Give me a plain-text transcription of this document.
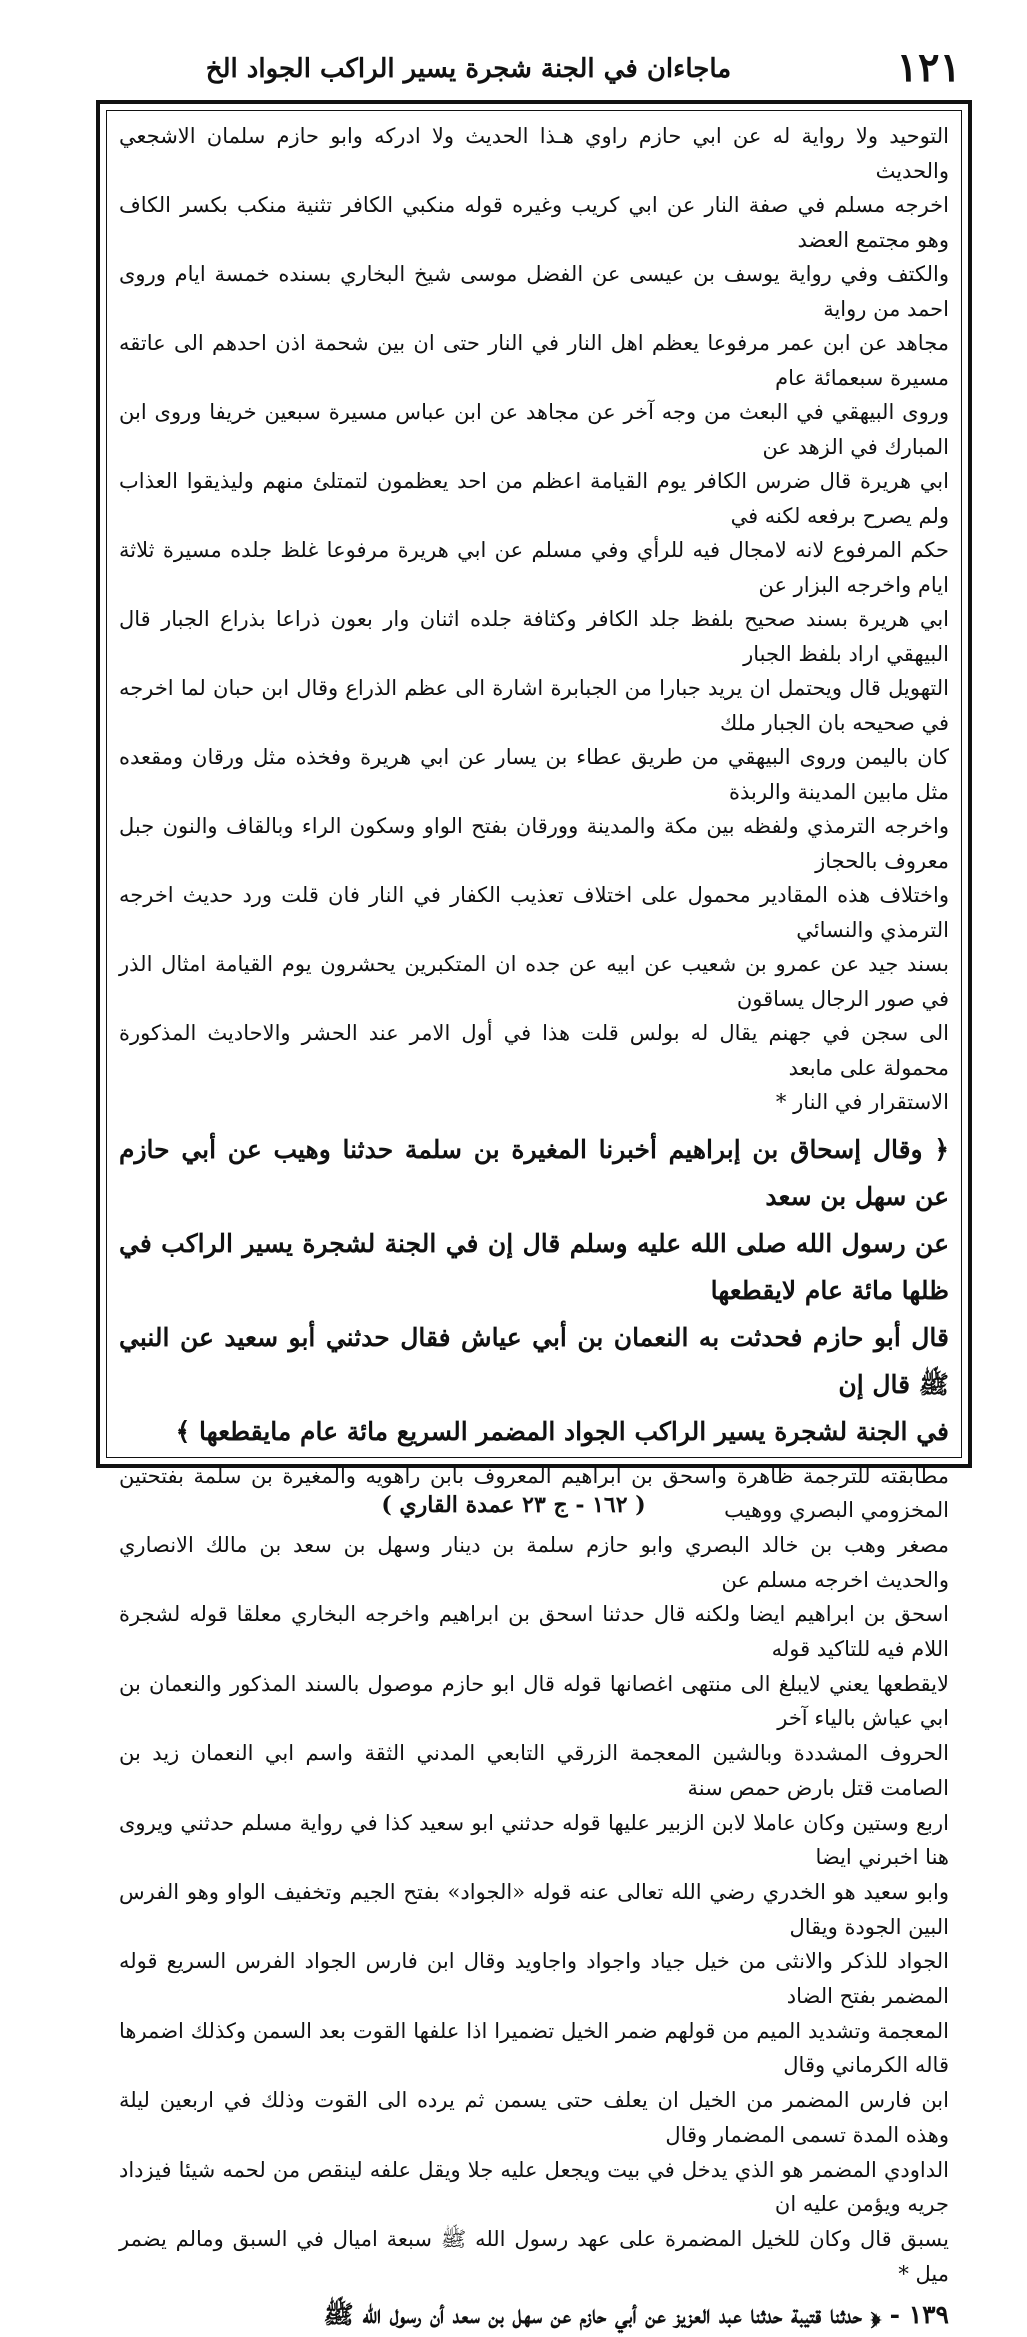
١٢١
ماجاءان في الجنة شجرة يسير الراكب الجواد الخ

التوحيد ولا رواية له عن ابي حازم راوي هـذا الحديث ولا ادركه وابو حازم سلمان الاشجعي والحديث

اخرجه مسلم في صفة النار عن ابي كريب وغيره قوله منكبي الكافر تثنية منكب بكسر الكاف وهو مجتمع العضد

والكتف وفي رواية يوسف بن عيسى عن الفضل موسى شيخ البخاري بسنده خمسة ايام وروى احمد من رواية

مجاهد عن ابن عمر مرفوعا يعظم اهل النار في النار حتى ان بين شحمة اذن احدهم الى عاتقه مسيرة سبعمائة عام

وروى البيهقي في البعث من وجه آخر عن مجاهد عن ابن عباس مسيرة سبعين خريفا وروى ابن المبارك في الزهد عن

ابي هريرة قال ضرس الكافر يوم القيامة اعظم من احد يعظمون لتمتلئ منهم وليذيقوا العذاب ولم يصرح برفعه لكنه في

حكم المرفوع لانه لامجال فيه للرأي وفي مسلم عن ابي هريرة مرفوعا غلظ جلده مسيرة ثلاثة ايام واخرجه البزار عن

ابي هريرة بسند صحيح بلفظ جلد الكافر وكثافة جلده اثنان وار بعون ذراعا بذراع الجبار قال البيهقي اراد بلفظ الجبار

التهويل قال ويحتمل ان يريد جبارا من الجبابرة اشارة الى عظم الذراع وقال ابن حبان لما اخرجه في صحيحه بان الجبار ملك

كان باليمن وروى البيهقي من طريق عطاء بن يسار عن ابي هريرة وفخذه مثل ورقان ومقعده مثل مابين المدينة والربذة

واخرجه الترمذي ولفظه بين مكة والمدينة وورقان بفتح الواو وسكون الراء وبالقاف والنون جبل معروف بالحجاز

واختلاف هذه المقادير محمول على اختلاف تعذيب الكفار في النار فان قلت ورد حديث اخرجه الترمذي والنسائي

بسند جيد عن عمرو بن شعيب عن ابيه عن جده ان المتكبرين يحشرون يوم القيامة امثال الذر في صور الرجال يساقون

الى سجن في جهنم يقال له بولس قلت هذا في أول الامر عند الحشر والاحاديث المذكورة محمولة على مابعد

الاستقرار في النار *

﴿ وقال إسحاق بن إبراهيم أخبرنا المغيرة بن سلمة حدثنا وهيب عن أبي حازم عن سهل بن سعد

عن رسول الله صلى الله عليه وسلم قال إن في الجنة لشجرة يسير الراكب في ظلها مائة عام لايقطعها

قال أبو حازم فحدثت به النعمان بن أبي عياش فقال حدثني أبو سعيد عن النبي ﷺ قال إن

في الجنة لشجرة يسير الراكب الجواد المضمر السريع مائة عام مايقطعها ﴾

مطابقته للترجمة ظاهرة واسحق بن ابراهيم المعروف بابن راهويه والمغيرة بن سلمة بفتحتين المخزومي البصري ووهيب

مصغر وهب بن خالد البصري وابو حازم سلمة بن دينار وسهل بن سعد بن مالك الانصاري والحديث اخرجه مسلم عن

اسحق بن ابراهيم ايضا ولكنه قال حدثنا اسحق بن ابراهيم واخرجه البخاري معلقا قوله لشجرة اللام فيه للتاكيد قوله

لايقطعها يعني لايبلغ الى منتهى اغصانها قوله قال ابو حازم موصول بالسند المذكور والنعمان بن ابي عياش بالياء آخر

الحروف المشددة وبالشين المعجمة الزرقي التابعي المدني الثقة واسم ابي النعمان زيد بن الصامت قتل بارض حمص سنة

اربع وستين وكان عاملا لابن الزبير عليها قوله حدثني ابو سعيد كذا في رواية مسلم حدثني ويروى هنا اخبرني ايضا

وابو سعيد هو الخدري رضي الله تعالى عنه قوله «الجواد» بفتح الجيم وتخفيف الواو وهو الفرس البين الجودة ويقال

الجواد للذكر والانثى من خيل جياد واجواد واجاويد وقال ابن فارس الجواد الفرس السريع قوله المضمر بفتح الضاد

المعجمة وتشديد الميم من قولهم ضمر الخيل تضميرا اذا علفها القوت بعد السمن وكذلك اضمرها قاله الكرماني وقال

ابن فارس المضمر من الخيل ان يعلف حتى يسمن ثم يرده الى القوت وذلك في اربعين ليلة وهذه المدة تسمى المضمار وقال

الداودي المضمر هو الذي يدخل في بيت ويجعل عليه جلا ويقل علفه لينقص من لحمه شيئا فيزداد جريه ويؤمن عليه ان

يسبق قال وكان للخيل المضمرة على عهد رسول الله ﷺ سبعة اميال في السبق ومالم يضمر ميل *

١٣٩ - ﴿ حدثنا قتيبة حدثنا عبد العزيز عن أبي حازم عن سهل بن سعد أن رسول الله ﷺ

( ١٦٢ - ج ٢٣ عمدة القاري )
